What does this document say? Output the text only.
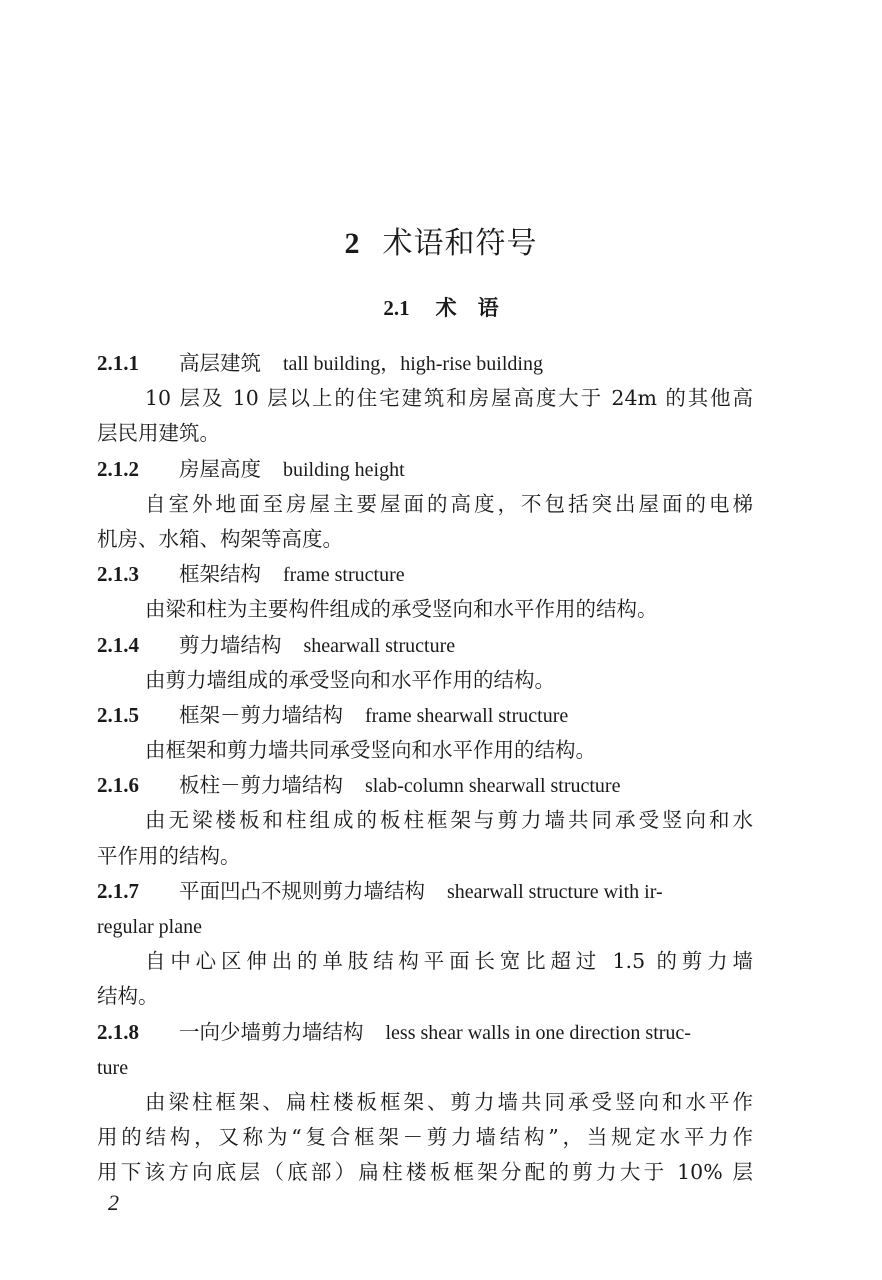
2 术语和符号
2.1 术　语
2.1.1 高层建筑 tall building，high-rise building
10 层及 10 层以上的住宅建筑和房屋高度大于 24m 的其他高
层民用建筑。
2.1.2 房屋高度 building height
自室外地面至房屋主要屋面的高度，不包括突出屋面的电梯
机房、水箱、构架等高度。
2.1.3 框架结构 frame structure
由梁和柱为主要构件组成的承受竖向和水平作用的结构。
2.1.4 剪力墙结构 shearwall structure
由剪力墙组成的承受竖向和水平作用的结构。
2.1.5 框架－剪力墙结构 frame shearwall structure
由框架和剪力墙共同承受竖向和水平作用的结构。
2.1.6 板柱－剪力墙结构 slab-column shearwall structure
由无梁楼板和柱组成的板柱框架与剪力墙共同承受竖向和水
平作用的结构。
2.1.7 平面凹凸不规则剪力墙结构 shearwall structure with ir-
regular plane
自中心区伸出的单肢结构平面长宽比超过 1.5 的剪力墙
结构。
2.1.8 一向少墙剪力墙结构 less shear walls in one direction struc-
ture
由梁柱框架、扁柱楼板框架、剪力墙共同承受竖向和水平作
用的结构，又称为“复合框架－剪力墙结构”，当规定水平力作
用下该方向底层（底部）扁柱楼板框架分配的剪力大于 10% 层
2
